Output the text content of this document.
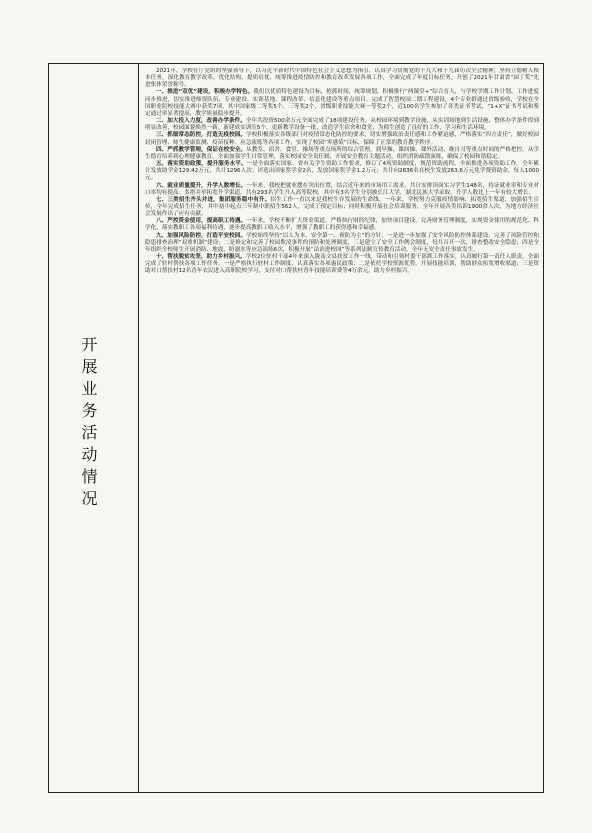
开展业务活动情况

2021年，学校在厅党组的坚强领导下，以习近平新时代中国特色社会主义思想为指引，认真学习贯彻党的十九大和十九届历次全会精神，坚持立德树人根本任务，深化教育教学改革，优化结构，提质培优，统筹推进疫情防控和教育改革发展各项工作，全面完成了年度目标任务，开创了2021年甘肃省“园丁奖”先进集体荣誉称号。

一、推进“双优”建设，积极办学特色。我们以优质特色建设为目标，抢抓时间，统筹规划，积极推行“两课堂+”综合育人，与学校学期工作计划、工作进度同步推进，切实推进师资队伍、专业建设、实训基地、课程改革、信息化建设等重点项目。完成了智慧校园二期工程建设，4个专业群通过省级验收，学校在全国职业院校技能大赛中获奖7项，其中国家级二等奖5个、三等奖2个，省级职业技能大赛一等奖2个，近100名学生参加了各类证书考试，“1+X”证书考试和鉴定通过率显著提高，教学质量稳步提升。

二、加大投入力度，改善办学条件。全年共投资500余万元全面完成了18项建设任务，从校园环境到教学设施，从实训场地到生活设施，整体办学条件得到明显改善，校园面貌焕然一新。新建成实训室5个，更新教学设备一批，改造学生宿舍和食堂，为师生创造了良好的工作、学习和生活环境。

三、抓细常态防控，打造无疫校园。学校积极落实各级部门对疫情常态化防控的要求，切实增强政治责任感和工作紧迫感，严格落实“四方责任”，做好校园封闭管理、师生健康监测、疫苗接种、应急演练等各项工作，实现了校园“零感染”目标，保障了正常的教育教学秩序。

四、严抓教学管理，保证在校安全。从教室、宿舍、食堂、操场等重点场所的综合管理，到早操、课间操、课外活动、晚自习等重点时间的严格把控，从学生德育培养到心理健康教育，全面加强学生日常管理，落实校园安全责任制，开展安全教育主题活动，组织消防疏散演练，确保了校园和谐稳定。

五、落实资助政策，提升服务水平。一是全面落实国家、省有关学生资助工作要求，修订了4项资助制度，规范资助流程，全面推进各项资助工作。全年累计发放助学金129.42万元，共计1296人次；评选出国家奖学金2名，发放国家奖学金1.2万元；共计向2636名在校生发放263.6万元免学费资助金，每人1000元。

六、就业质量提升，升学人数增长。一年来，我校把就业摆在突出位置，结合近年来的市场用工需求，共计安排顶岗实习学生148名，持证就业率和专业对口率均有提高；多措并举拓宽升学渠道，共有293名学生升入高等院校，其中有3名学生分别被长江大学、湖北民族大学录取，升学人数比上一年有较大增长。

七、三类招生齐头并进，集团服务稳中有升。招生工作一直以来是我校生存发展的生命线，一年来，学校努力克服疫情影响，拓宽招生渠道，加强招生宣传，全年完成招生任务，其中初中起点三年制中职招生562人，完成了预定目标；同时积极开展社会培训服务，全年开展各类培训1900余人次，为地方经济社会发展作出了应有贡献。

八、严控资金使用，提高职工待遇。一年来，学校不断扩大资金渠道，严格执行财经纪律，加快项目建设，完善财务管理制度，实现资金使用的规范化、科学化，落实教职工各项福利待遇，逐步提高教职工收入水平，增强了教职工的获得感和幸福感。

九、加强风险防控，打造平安校园。学校始终坚持“以人为本、安全第一、预防为主”的方针，一是进一步加强了安全风险防控体系建设，完善了风险管控和隐患排查治理“双重机制”建设；二是修定和完善了校园欺凌事件的预防和处理制度，三是建立了安全工作例会制度，每月召开一次，排查整改安全隐患；四是全年组织全校师生开展消防、地震、防溺水等应急演练6次，积极开展“法治进校园”等系列法制宣传教育活动，全年无安全责任事故发生。

十、帮扶脱贫攻坚，助力乡村振兴。学校2位驻村干部4年来深入陇南文县扶贫工作一线，带动和引领村委干部抓工作落实，认真履行第一责任人职责，全面完成了驻村帮扶各项工作任务，一是严格执行驻村工作制度，认真落实各项惠民政策；二是依托学校资源优势，开展技能培训，帮助群众拓宽增收渠道；三是资助对口帮扶村12名青年农民进入高职院校学习，支付对口帮扶村青年技能培训费等4万余元，助力乡村振兴。
